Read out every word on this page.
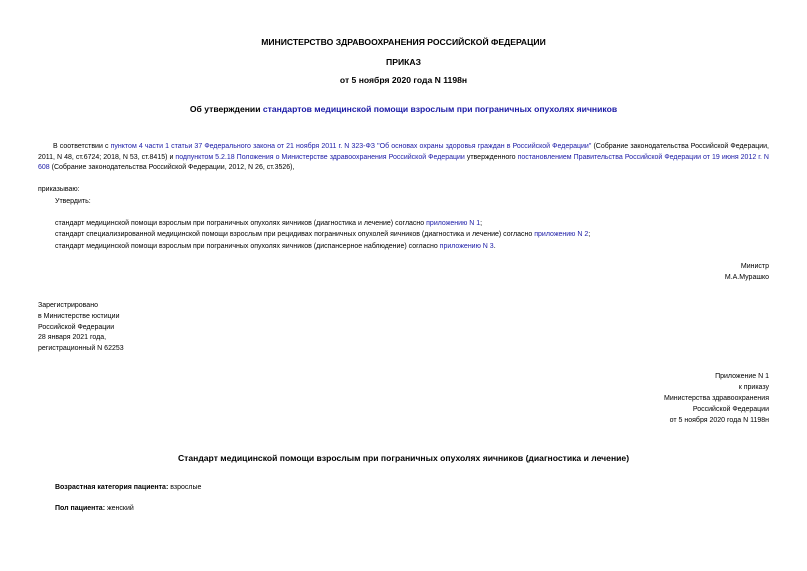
МИНИСТЕРСТВО ЗДРАВООХРАНЕНИЯ РОССИЙСКОЙ ФЕДЕРАЦИИ
ПРИКАЗ
от 5 ноября 2020 года N 1198н
Об утверждении стандартов медицинской помощи взрослым при пограничных опухолях яичников
В соответствии с пунктом 4 части 1 статьи 37 Федерального закона от 21 ноября 2011 г. N 323-ФЗ "Об основах охраны здоровья граждан в Российской Федерации" (Собрание законодательства Российской Федерации, 2011, N 48, ст.6724; 2018, N 53, ст.8415) и подпунктом 5.2.18 Положения о Министерстве здравоохранения Российской Федерации утвержденного постановлением Правительства Российской Федерации от 19 июня 2012 г. N 608 (Собрание законодательства Российской Федерации, 2012, N 26, ст.3526),
приказываю:
Утвердить:
стандарт медицинской помощи взрослым при пограничных опухолях яичников (диагностика и лечение) согласно приложению N 1;
стандарт специализированной медицинской помощи взрослым при рецидивах пограничных опухолей яичников (диагностика и лечение) согласно приложению N 2;
стандарт медицинской помощи взрослым при пограничных опухолях яичников (диспансерное наблюдение) согласно приложению N 3.
Министр
М.А.Мурашко
Зарегистрировано
в Министерстве юстиции
Российской Федерации
28 января 2021 года,
регистрационный N 62253
Приложение N 1
к приказу
Министерства здравоохранения
Российской Федерации
от 5 ноября 2020 года N 1198н
Стандарт медицинской помощи взрослым при пограничных опухолях яичников (диагностика и лечение)
Возрастная категория пациента: взрослые
Пол пациента: женский
